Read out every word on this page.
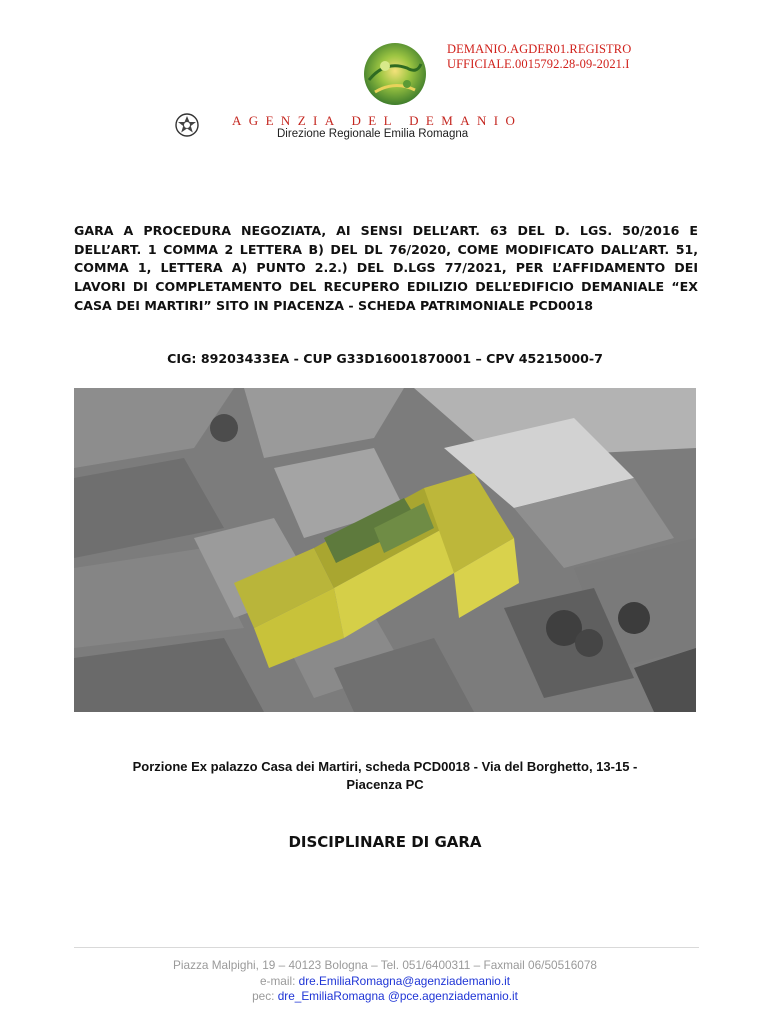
DEMANIO.AGDER01.REGISTRO
UFFICIALE.0015792.28-09-2021.I
AGENZIA DEL DEMANIO
Direzione Regionale Emilia Romagna
GARA A PROCEDURA NEGOZIATA, AI SENSI DELL’ART. 63 DEL D. LGS. 50/2016 E DELL’ART. 1 COMMA 2 LETTERA B) DEL DL 76/2020, COME MODIFICATO DALL’ART. 51, COMMA 1, LETTERA A) PUNTO 2.2.) DEL D.LGS 77/2021, PER L’AFFIDAMENTO DEI LAVORI DI COMPLETAMENTO DEL RECUPERO EDILIZIO DELL’EDIFICIO DEMANIALE “EX CASA DEI MARTIRI” SITO IN PIACENZA - SCHEDA PATRIMONIALE PCD0018
CIG: 89203433EA - CUP G33D16001870001 – CPV 45215000-7
Porzione Ex palazzo Casa dei Martiri, scheda PCD0018 - Via del Borghetto, 13-15 -
Piacenza PC
DISCIPLINARE DI GARA
Piazza Malpighi, 19 – 40123 Bologna – Tel. 051/6400311 – Faxmail 06/50516078
e-mail: dre.EmiliaRomagna@agenziademanio.it
pec: dre_EmiliaRomagna @pce.agenziademanio.it
